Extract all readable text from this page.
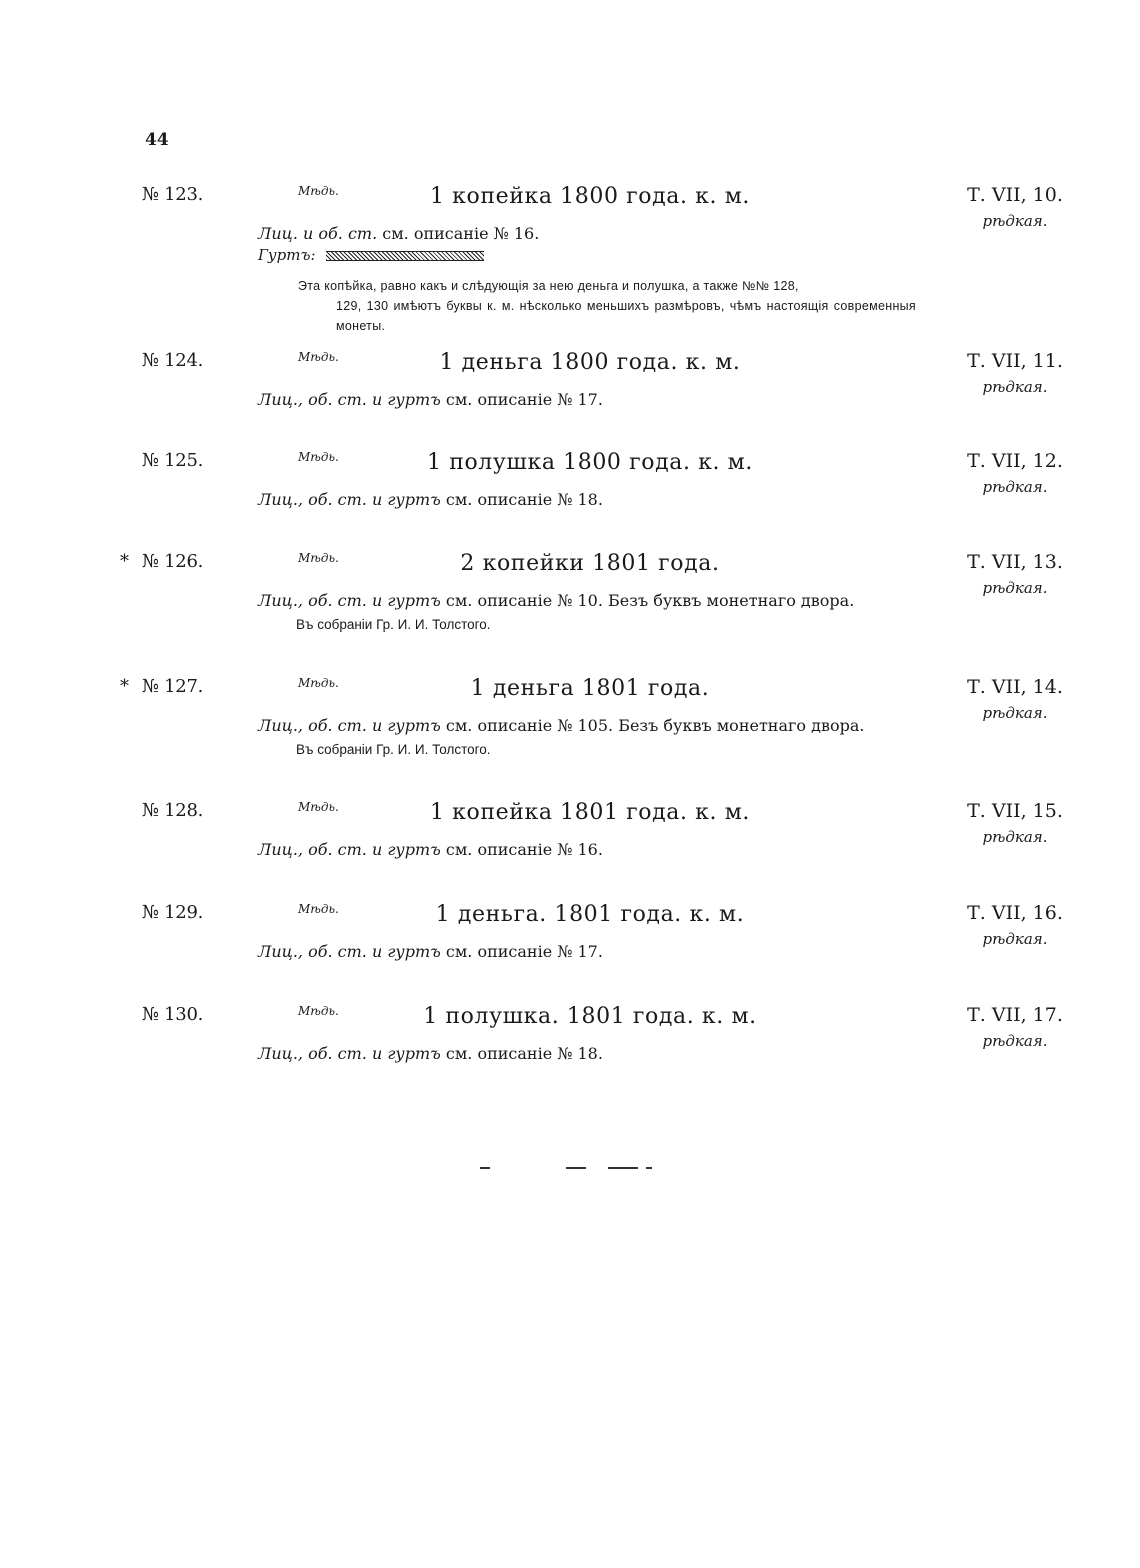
44
№ 123.	Мѣдь.	1 копейка 1800 года. к. м.	Т. VII, 10.
рѣдкая.
Лиц. и об. ст. см. описаніе № 16.
Гуртъ:
Эта копѣйка, равно какъ и слѣдующія за нею деньга и полушка, а также №№ 128,
129, 130 имѣютъ буквы к. м. нѣсколько меньшихъ размѣровъ, чѣмъ настоящія современныя монеты.
№ 124.	Мѣдь.	1 деньга 1800 года. к. м.	Т. VII, 11.
рѣдкая.
Лиц., об. ст. и гуртъ см. описаніе № 17.
№ 125.	Мѣдь.	1 полушка 1800 года. к. м.	Т. VII, 12.
рѣдкая.
Лиц., об. ст. и гуртъ см. описаніе № 18.
* № 126.	Мѣдь.	2 копейки 1801 года.	Т. VII, 13.
рѣдкая.
Лиц., об. ст. и гуртъ см. описаніе № 10. Безъ буквъ монетнаго двора.
Въ собраніи Гр. И. И. Толстого.
* № 127.	Мѣдь.	1 деньга 1801 года.	Т. VII, 14.
рѣдкая.
Лиц., об. ст. и гуртъ см. описаніе № 105. Безъ буквъ монетнаго двора.
Въ собраніи Гр. И. И. Толстого.
№ 128.	Мѣдь.	1 копейка 1801 года. к. м.	Т. VII, 15.
рѣдкая.
Лиц., об. ст. и гуртъ см. описаніе № 16.
№ 129.	Мѣдь.	1 деньга. 1801 года. к. м.	Т. VII, 16.
рѣдкая.
Лиц., об. ст. и гуртъ см. описаніе № 17.
№ 130.	Мѣдь.	1 полушка. 1801 года. к. м.	Т. VII, 17.
рѣдкая.
Лиц., об. ст. и гуртъ см. описаніе № 18.
